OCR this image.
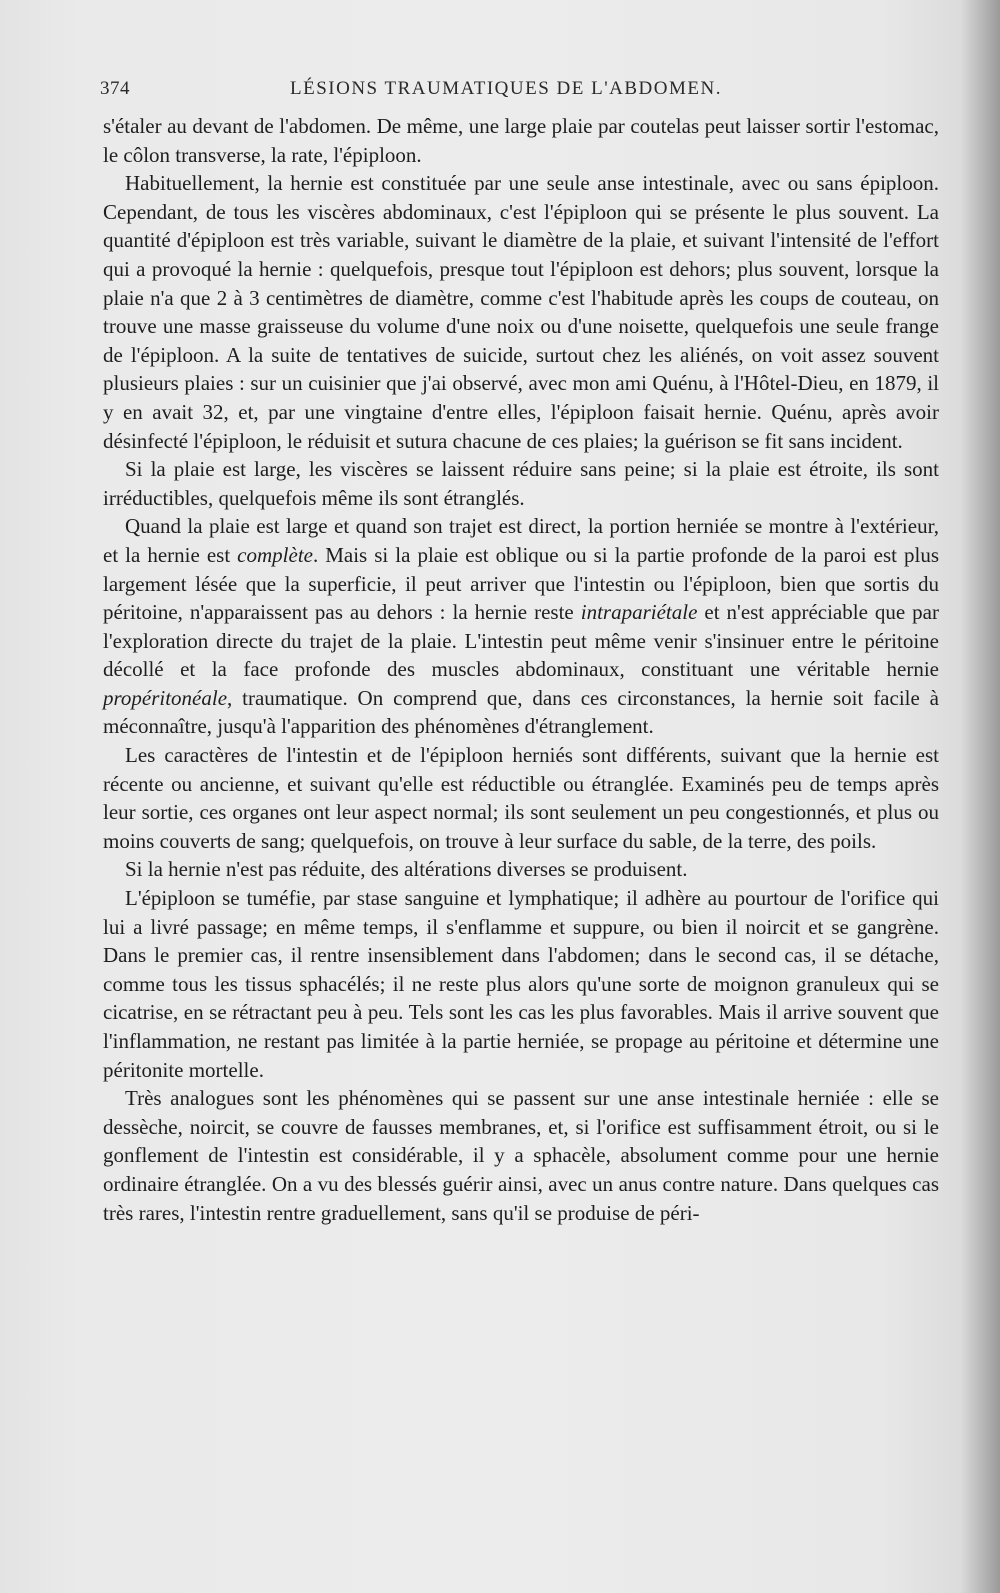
374	LÉSIONS TRAUMATIQUES DE L'ABDOMEN.

s'étaler au devant de l'abdomen. De même, une large plaie par coutelas peut laisser sortir l'estomac, le côlon transverse, la rate, l'épiploon.

Habituellement, la hernie est constituée par une seule anse intestinale, avec ou sans épiploon. Cependant, de tous les viscères abdominaux, c'est l'épiploon qui se présente le plus souvent. La quantité d'épiploon est très variable, suivant le diamètre de la plaie, et suivant l'intensité de l'effort qui a provoqué la hernie : quelquefois, presque tout l'épiploon est dehors; plus souvent, lorsque la plaie n'a que 2 à 3 centimètres de diamètre, comme c'est l'habitude après les coups de couteau, on trouve une masse graisseuse du volume d'une noix ou d'une noisette, quelquefois une seule frange de l'épiploon. A la suite de tentatives de suicide, surtout chez les aliénés, on voit assez souvent plusieurs plaies : sur un cuisinier que j'ai observé, avec mon ami Quénu, à l'Hôtel-Dieu, en 1879, il y en avait 32, et, par une vingtaine d'entre elles, l'épiploon faisait hernie. Quénu, après avoir désinfecté l'épiploon, le réduisit et sutura chacune de ces plaies; la guérison se fit sans incident.

Si la plaie est large, les viscères se laissent réduire sans peine; si la plaie est étroite, ils sont irréductibles, quelquefois même ils sont étranglés.

Quand la plaie est large et quand son trajet est direct, la portion herniée se montre à l'extérieur, et la hernie est complète. Mais si la plaie est oblique ou si la partie profonde de la paroi est plus largement lésée que la superficie, il peut arriver que l'intestin ou l'épiploon, bien que sortis du péritoine, n'apparaissent pas au dehors : la hernie reste intrapariétale et n'est appréciable que par l'exploration directe du trajet de la plaie. L'intestin peut même venir s'insinuer entre le péritoine décollé et la face profonde des muscles abdominaux, constituant une véritable hernie propéritonéale, traumatique. On comprend que, dans ces circonstances, la hernie soit facile à méconnaître, jusqu'à l'apparition des phénomènes d'étranglement.

Les caractères de l'intestin et de l'épiploon herniés sont différents, suivant que la hernie est récente ou ancienne, et suivant qu'elle est réductible ou étranglée. Examinés peu de temps après leur sortie, ces organes ont leur aspect normal; ils sont seulement un peu congestionnés, et plus ou moins couverts de sang; quelquefois, on trouve à leur surface du sable, de la terre, des poils.

Si la hernie n'est pas réduite, des altérations diverses se produisent.

L'épiploon se tuméfie, par stase sanguine et lymphatique; il adhère au pourtour de l'orifice qui lui a livré passage; en même temps, il s'enflamme et suppure, ou bien il noircit et se gangrène. Dans le premier cas, il rentre insensiblement dans l'abdomen; dans le second cas, il se détache, comme tous les tissus sphacélés; il ne reste plus alors qu'une sorte de moignon granuleux qui se cicatrise, en se rétractant peu à peu. Tels sont les cas les plus favorables. Mais il arrive souvent que l'inflammation, ne restant pas limitée à la partie herniée, se propage au péritoine et détermine une péritonite mortelle.

Très analogues sont les phénomènes qui se passent sur une anse intestinale herniée : elle se dessèche, noircit, se couvre de fausses membranes, et, si l'orifice est suffisamment étroit, ou si le gonflement de l'intestin est considérable, il y a sphacèle, absolument comme pour une hernie ordinaire étranglée. On a vu des blessés guérir ainsi, avec un anus contre nature. Dans quelques cas très rares, l'intestin rentre graduellement, sans qu'il se produise de péri-
